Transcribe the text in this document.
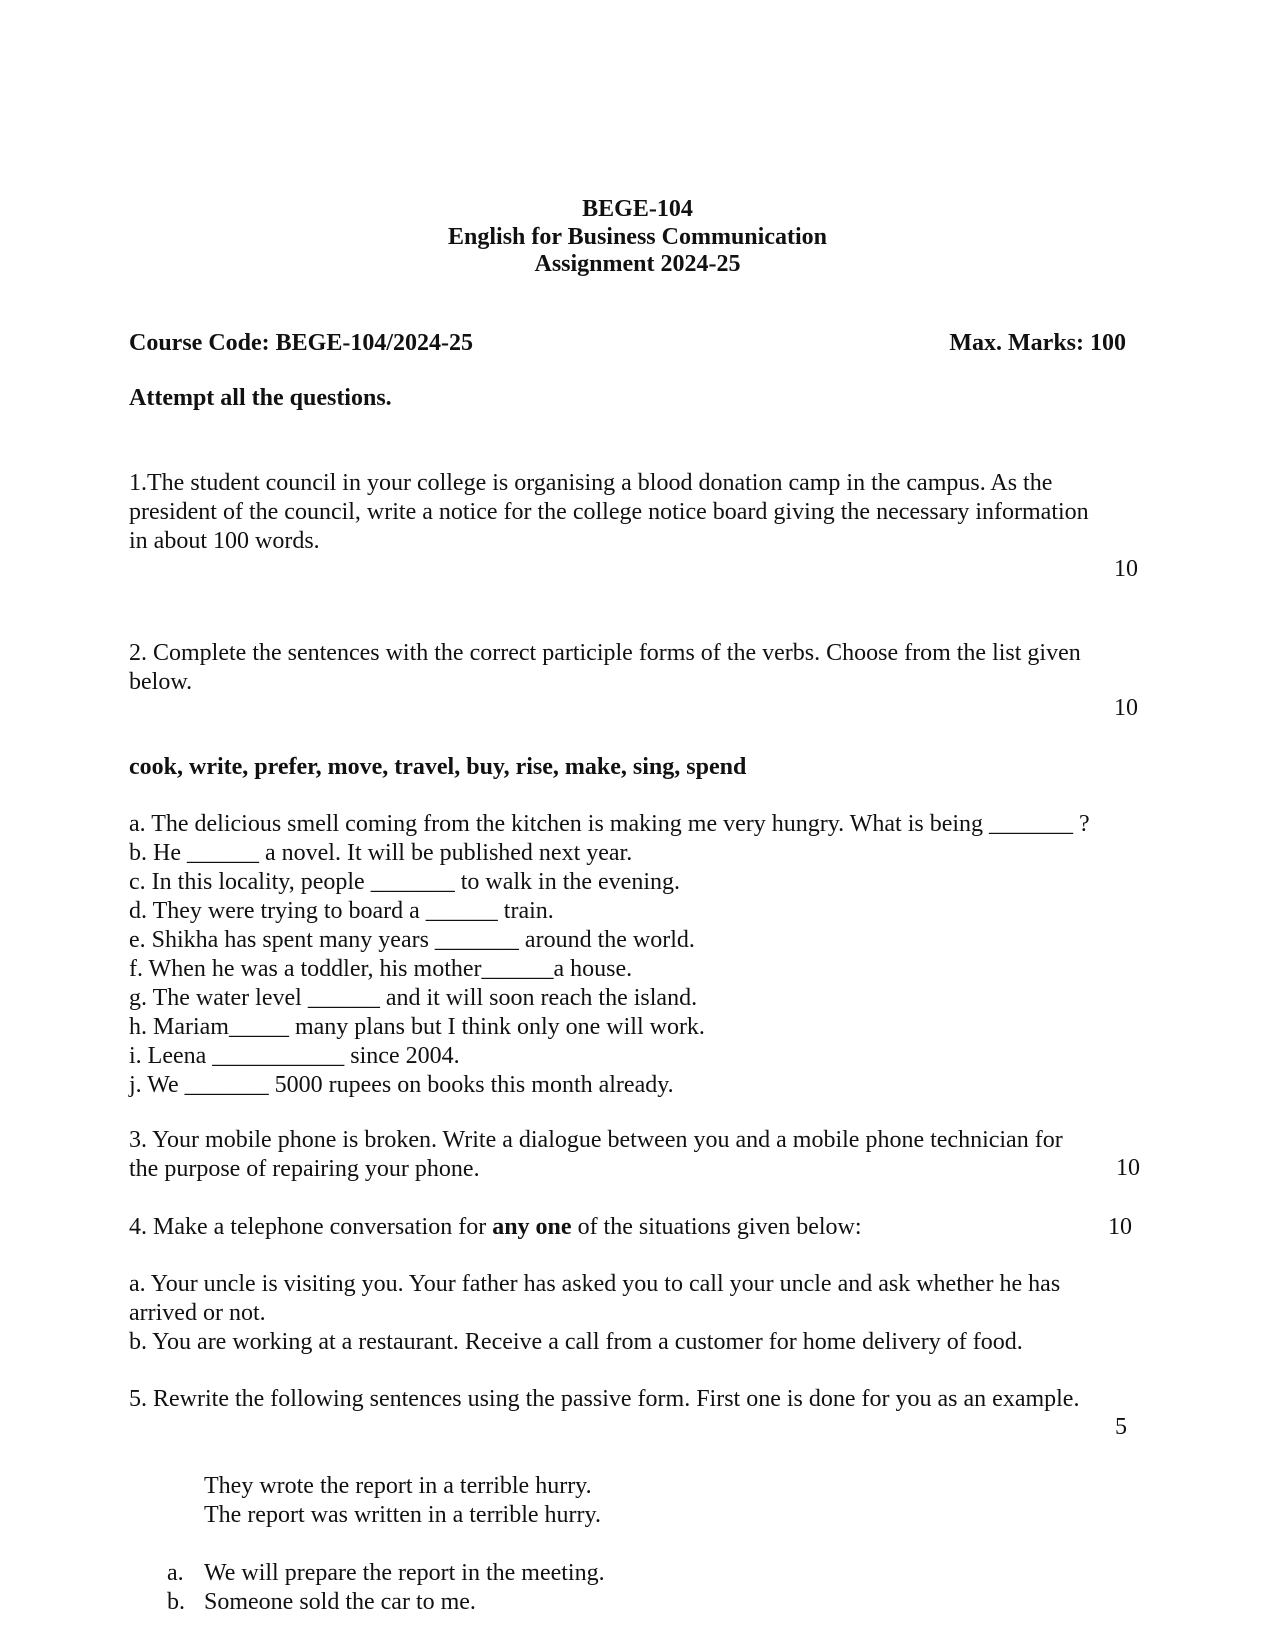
BEGE-104
English for Business Communication
Assignment 2024-25
Course Code: BEGE-104/2024-25	Max. Marks: 100
Attempt all the questions.
1.The student council in your college is organising a blood donation camp in the campus. As the
president of the council, write a notice for the college notice board giving the necessary information
in about 100 words.
10
2. Complete the sentences with the correct participle forms of the verbs. Choose from the list given
below.
10
cook, write, prefer, move, travel, buy, rise, make, sing, spend
a. The delicious smell coming from the kitchen is making me very hungry. What is being _______ ?
b. He ______ a novel. It will be published next year.
c. In this locality, people _______ to walk in the evening.
d. They were trying to board a ______ train.
e. Shikha has spent many years _______ around the world.
f. When he was a toddler, his mother______a house.
g. The water level ______ and it will soon reach the island.
h. Mariam_____ many plans but I think only one will work.
i. Leena ___________ since 2004.
j. We _______ 5000 rupees on books this month already.
3. Your mobile phone is broken. Write a dialogue between you and a mobile phone technician for
the purpose of repairing your phone.	10
4. Make a telephone conversation for any one of the situations given below:	10
a. Your uncle is visiting you. Your father has asked you to call your uncle and ask whether he has
arrived or not.
b. You are working at a restaurant. Receive a call from a customer for home delivery of food.
5. Rewrite the following sentences using the passive form. First one is done for you as an example.
5
They wrote the report in a terrible hurry.
The report was written in a terrible hurry.
a. We will prepare the report in the meeting.
b. Someone sold the car to me.
